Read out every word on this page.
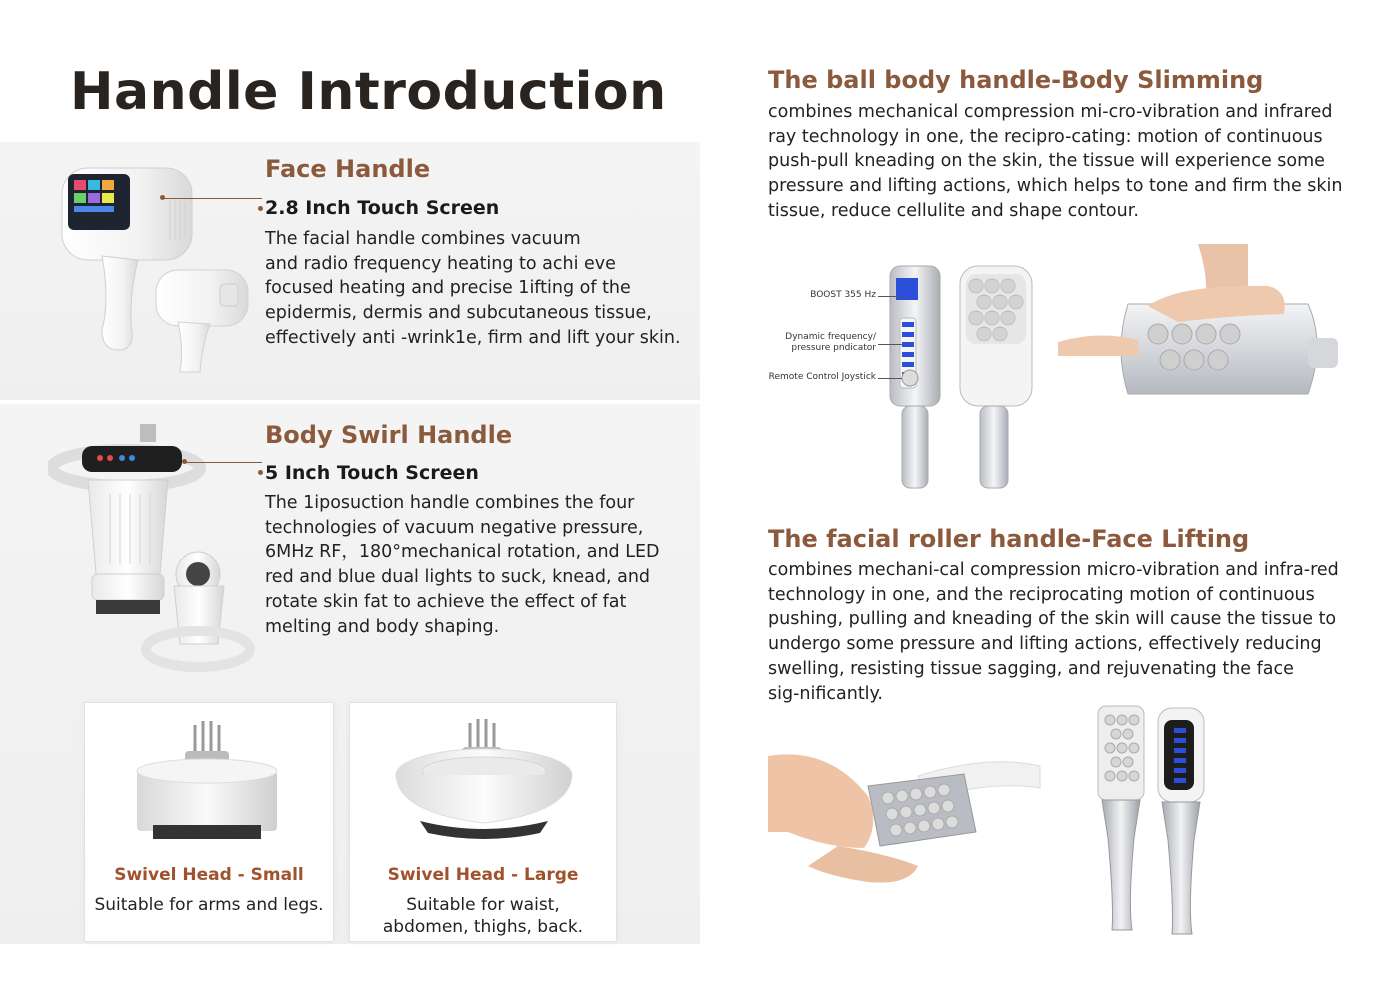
Handle Introduction
Face Handle
2.8 Inch Touch Screen
The facial handle combines vacuum
and radio frequency heating to achi eve
focused heating and precise 1ifting of the
epidermis, dermis and subcutaneous tissue,
effectively anti -wrink1e, firm and lift your skin.
Body Swirl Handle
5 Inch Touch Screen
The 1iposuction handle combines the four
technologies of vacuum negative pressure,
6MHz RF，180°mechanical rotation, and LED
red and blue dual lights to suck, knead, and
rotate skin fat to achieve the effect of fat
melting and body shaping.
Swivel Head - Small
Suitable for arms and legs.
Swivel Head - Large
Suitable for waist,
abdomen, thighs, back.
The ball body handle-Body Slimming
combines mechanical compression mi-cro-vibration and infrared
ray technology in one, the recipro-cating: motion of continuous
push-pull kneading on the skin, the tissue will experience some
pressure and lifting actions, which helps to tone and firm the skin
tissue, reduce cellulite and shape contour.
BOOST 355 Hz
Dynamic frequency/
pressure pndicator
Remote Control Joystick
The facial roller handle-Face Lifting
combines mechani-cal compression micro-vibration and infra-red
technology in one, and the reciprocating motion of continuous
pushing, pulling and kneading of the skin will cause the tissue to
undergo some pressure and lifting actions, effectively reducing
swelling, resisting tissue sagging, and rejuvenating the face
sig-nificantly.
